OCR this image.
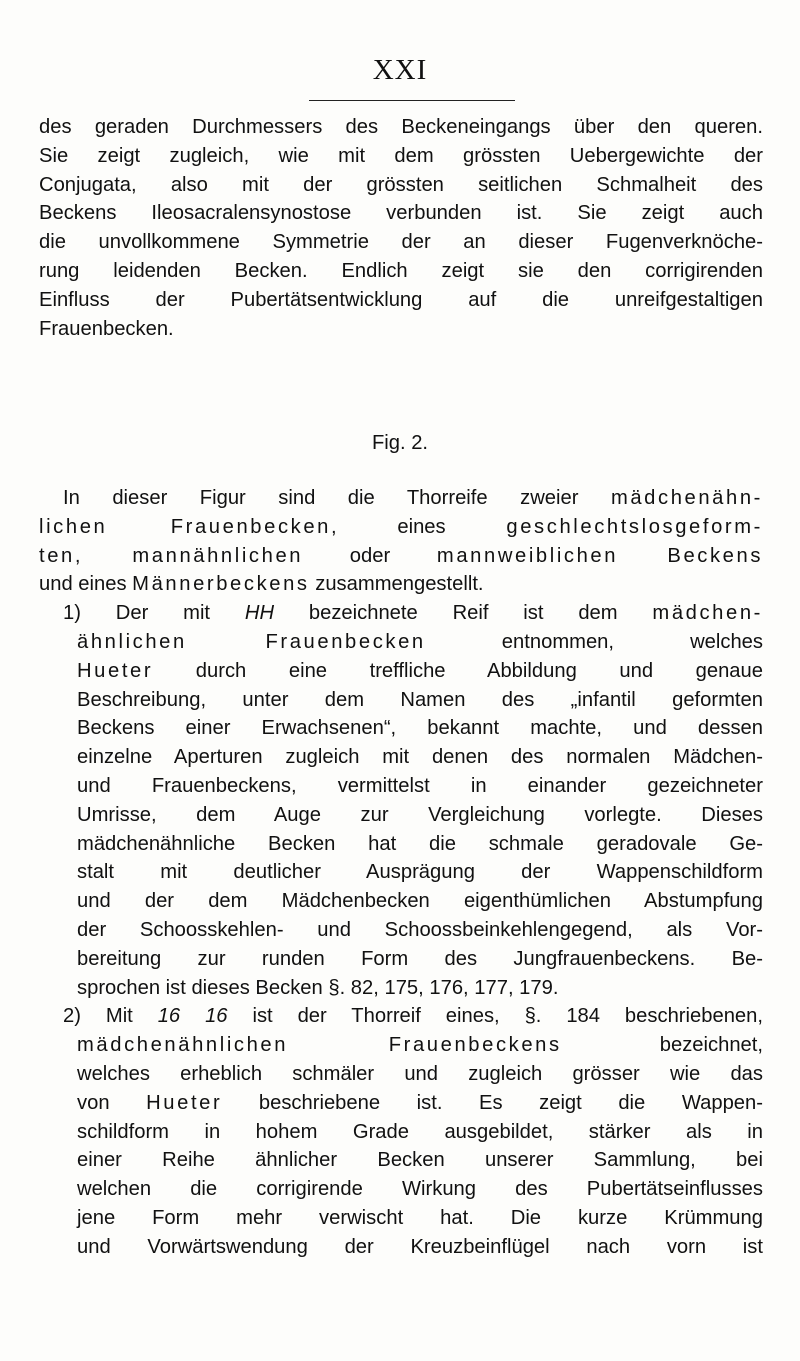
XXI
des geraden Durchmessers des Beckeneingangs über den queren.
Sie zeigt zugleich, wie mit dem grössten Uebergewichte der
Conjugata, also mit der grössten seitlichen Schmalheit des
Beckens Ileosacralensynostose verbunden ist. Sie zeigt auch
die unvollkommene Symmetrie der an dieser Fugenverknöche-
rung leidenden Becken. Endlich zeigt sie den corrigirenden
Einfluss der Pubertätsentwicklung auf die unreifgestaltigen
Frauenbecken.

Fig. 2.

In dieser Figur sind die Thorreife zweier mädchenähn-
lichen Frauenbecken, eines geschlechtslosgeform-
ten, mannähnlichen oder mannweiblichen Beckens
und eines Männerbeckens zusammengestellt.
1) Der mit HH bezeichnete Reif ist dem mädchen-
ähnlichen Frauenbecken entnommen, welches
Hueter durch eine treffliche Abbildung und genaue
Beschreibung, unter dem Namen des „infantil geformten
Beckens einer Erwachsenen“, bekannt machte, und dessen
einzelne Aperturen zugleich mit denen des normalen Mädchen-
und Frauenbeckens, vermittelst in einander gezeichneter
Umrisse, dem Auge zur Vergleichung vorlegte. Dieses
mädchenähnliche Becken hat die schmale geradovale Ge-
stalt mit deutlicher Ausprägung der Wappenschildform
und der dem Mädchenbecken eigenthümlichen Abstumpfung
der Schoosskehlen- und Schoossbeinkehlengegend, als Vor-
bereitung zur runden Form des Jungfrauenbeckens. Be-
sprochen ist dieses Becken §. 82, 175, 176, 177, 179.
2) Mit 16 16 ist der Thorreif eines, §. 184 beschriebenen,
mädchenähnlichen Frauenbeckens bezeichnet,
welches erheblich schmäler und zugleich grösser wie das
von Hueter beschriebene ist. Es zeigt die Wappen-
schildform in hohem Grade ausgebildet, stärker als in
einer Reihe ähnlicher Becken unserer Sammlung, bei
welchen die corrigirende Wirkung des Pubertätseinflusses
jene Form mehr verwischt hat. Die kurze Krümmung
und Vorwärtswendung der Kreuzbeinflügel nach vorn ist
